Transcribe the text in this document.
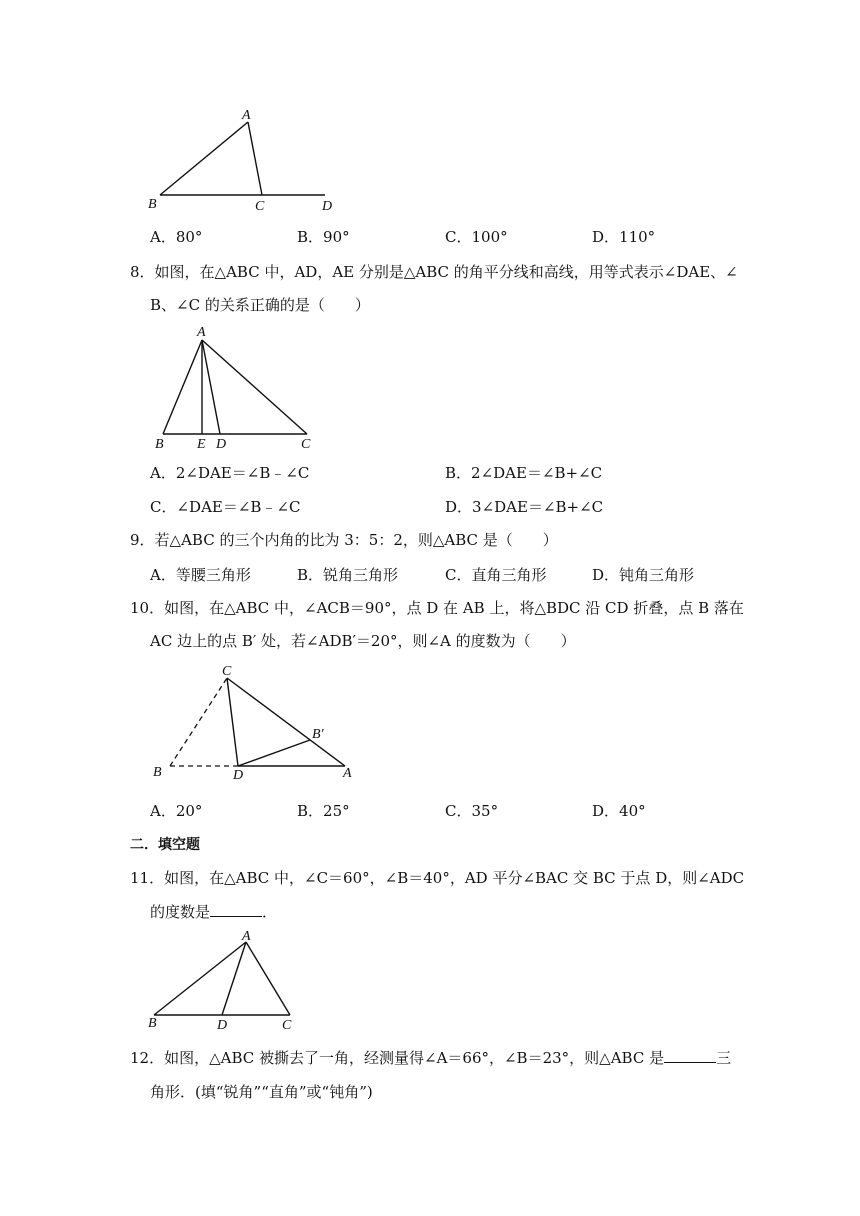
A
B	C	D
A．80°	B．90°	C．100°	D．110°
8．如图，在△ABC 中，AD，AE 分别是△ABC 的角平分线和高线，用等式表示∠DAE、∠
B、∠C 的关系正确的是（　　）
A
B E D	C
A．2∠DAE＝∠B﹣∠C	B．2∠DAE＝∠B+∠C
C．∠DAE＝∠B﹣∠C	D．3∠DAE＝∠B+∠C
9．若△ABC 的三个内角的比为 3：5：2，则△ABC 是（　　）
A．等腰三角形	B．锐角三角形	C．直角三角形	D．钝角三角形
10．如图，在△ABC 中，∠ACB＝90°，点 D 在 AB 上，将△BDC 沿 CD 折叠，点 B 落在
AC 边上的点 B′ 处，若∠ADB′＝20°，则∠A 的度数为（　　）
C
B′
B	D	A
A．20°	B．25°	C．35°	D．40°
二．填空题
11．如图，在△ABC 中，∠C＝60°，∠B＝40°，AD 平分∠BAC 交 BC 于点 D，则∠ADC
的度数是	．
A
B	D	C
12．如图，△ABC 被撕去了一角，经测量得∠A＝66°，∠B＝23°，则△ABC 是	三
角形．(填“锐角”“直角”或“钝角”)
